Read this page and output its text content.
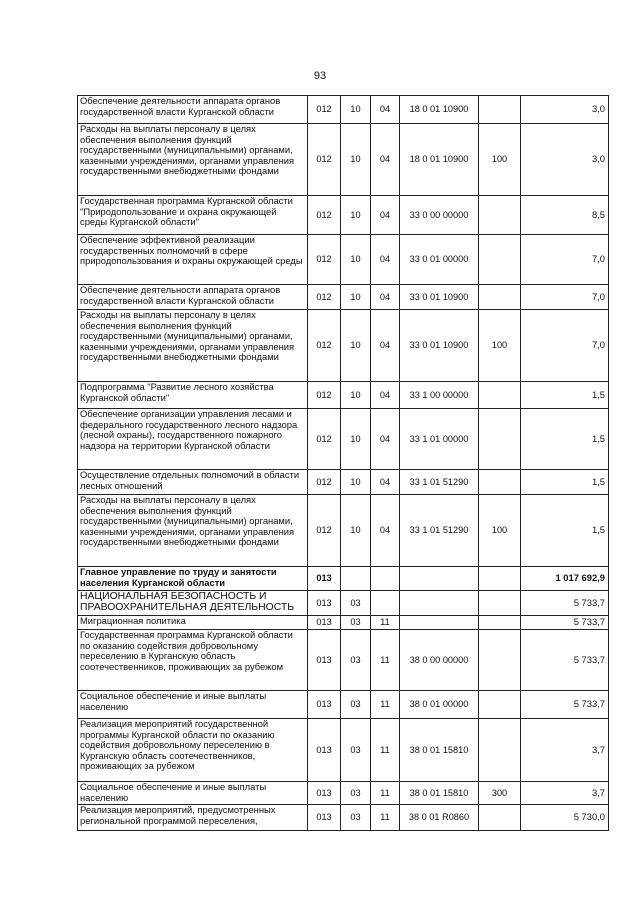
93
Обеспечение деятельности аппарата органов государственной власти Курганской области	012	10	04	18 0 01 10900		3,0
Расходы на выплаты персоналу в целях обеспечения выполнения функций государственными (муниципальными) органами, казенными учреждениями, органами управления государственными внебюджетными фондами	012	10	04	18 0 01 10900	100	3,0
Государственная программа Курганской области "Природопользование и охрана окружающей среды Курганской области"	012	10	04	33 0 00 00000		8,5
Обеспечение эффективной реализации государственных полномочий в сфере природопользования и охраны окружающей среды	012	10	04	33 0 01 00000		7,0
Обеспечение деятельности аппарата органов государственной власти Курганской области	012	10	04	33 0 01 10900		7,0
Расходы на выплаты персоналу в целях обеспечения выполнения функций государственными (муниципальными) органами, казенными учреждениями, органами управления государственными внебюджетными фондами	012	10	04	33 0 01 10900	100	7,0
Подпрограмма "Развитие лесного хозяйства Курганской области"	012	10	04	33 1 00 00000		1,5
Обеспечение организации управления лесами и федерального государственного лесного надзора (лесной охраны), государственного пожарного надзора на территории Курганской области	012	10	04	33 1 01 00000		1,5
Осуществление отдельных полномочий в области лесных отношений	012	10	04	33 1 01 51290		1,5
Расходы на выплаты персоналу в целях обеспечения выполнения функций государственными (муниципальными) органами, казенными учреждениями, органами управления государственными внебюджетными фондами	012	10	04	33 1 01 51290	100	1,5
Главное управление по труду и занятости населения Курганской области	013					1 017 692,9
НАЦИОНАЛЬНАЯ БЕЗОПАСНОСТЬ И ПРАВООХРАНИТЕЛЬНАЯ ДЕЯТЕЛЬНОСТЬ	013	03				5 733,7
Миграционная политика	013	03	11			5 733,7
Государственная программа Курганской области по оказанию содействия добровольному переселению в Курганскую область соотечественников, проживающих за рубежом	013	03	11	38 0 00 00000		5 733,7
Социальное обеспечение и иные выплаты населению	013	03	11	38 0 01 00000		5 733,7
Реализация мероприятий государственной программы Курганской области по оказанию содействия добровольному переселению в Курганскую область соотечественников, проживающих за рубежом	013	03	11	38 0 01 15810		3,7
Социальное обеспечение и иные выплаты населению	013	03	11	38 0 01 15810	300	3,7
Реализация мероприятий, предусмотренных региональной программой переселения,	013	03	11	38 0 01 R0860		5 730,0
